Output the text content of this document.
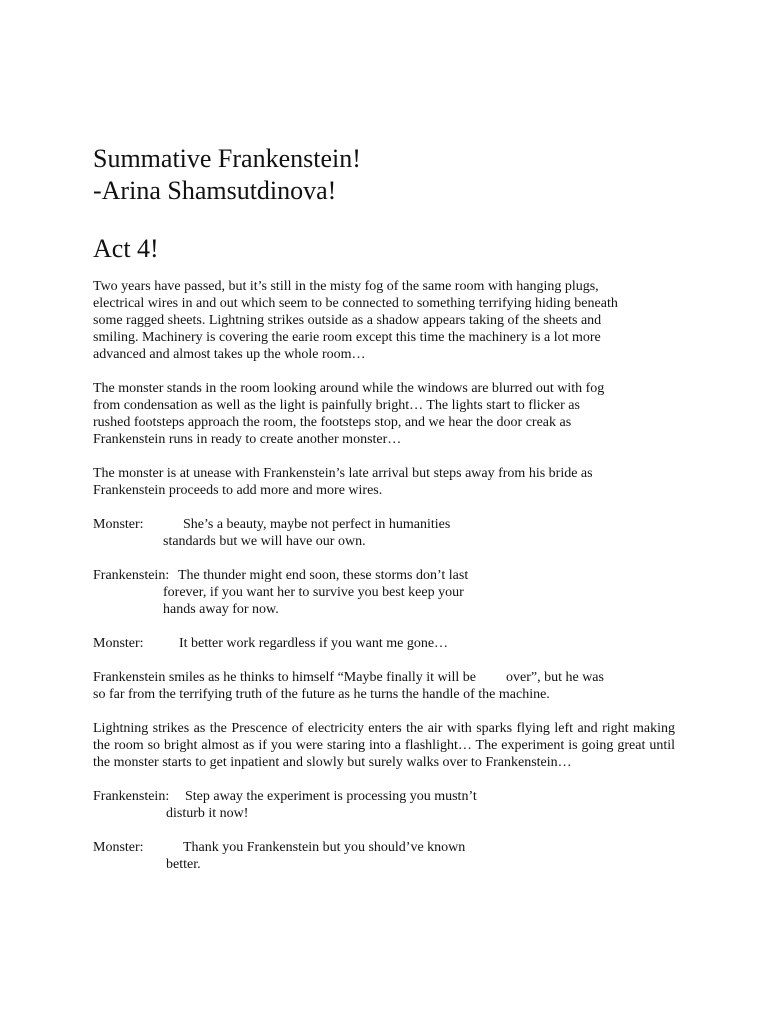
Summative Frankenstein!
-Arina Shamsutdinova!
Act 4!

Two years have passed, but it’s still in the misty fog of the same room with hanging plugs,
electrical wires in and out which seem to be connected to something terrifying hiding beneath
some ragged sheets. Lightning strikes outside as a shadow appears taking of the sheets and
smiling. Machinery is covering the earie room except this time the machinery is a lot more
advanced and almost takes up the whole room…

The monster stands in the room looking around while the windows are blurred out with fog
from condensation as well as the light is painfully bright… The lights start to flicker as
rushed footsteps approach the room, the footsteps stop, and we hear the door creak as
Frankenstein runs in ready to create another monster…

The monster is at unease with Frankenstein’s late arrival but steps away from his bride as
Frankenstein proceeds to add more and more wires.

Monster:	She’s a beauty, maybe not perfect in humanities
standards but we will have our own.
Frankenstein: The thunder might end soon, these storms don’t last
forever, if you want her to survive you best keep your
hands away for now.
Monster:	It better work regardless if you want me gone…

Frankenstein smiles as he thinks to himself “Maybe finally it will be over”, but he was
so far from the terrifying truth of the future as he turns the handle of the machine.

Lightning strikes as the Prescence of electricity enters the air with sparks flying left and right making the room so bright almost as if you were staring into a flashlight… The experiment is going great until the monster starts to get inpatient and slowly but surely walks over to Frankenstein…

Frankenstein: Step away the experiment is processing you mustn’t
disturb it now!
Monster:	Thank you Frankenstein but you should’ve known
better.
